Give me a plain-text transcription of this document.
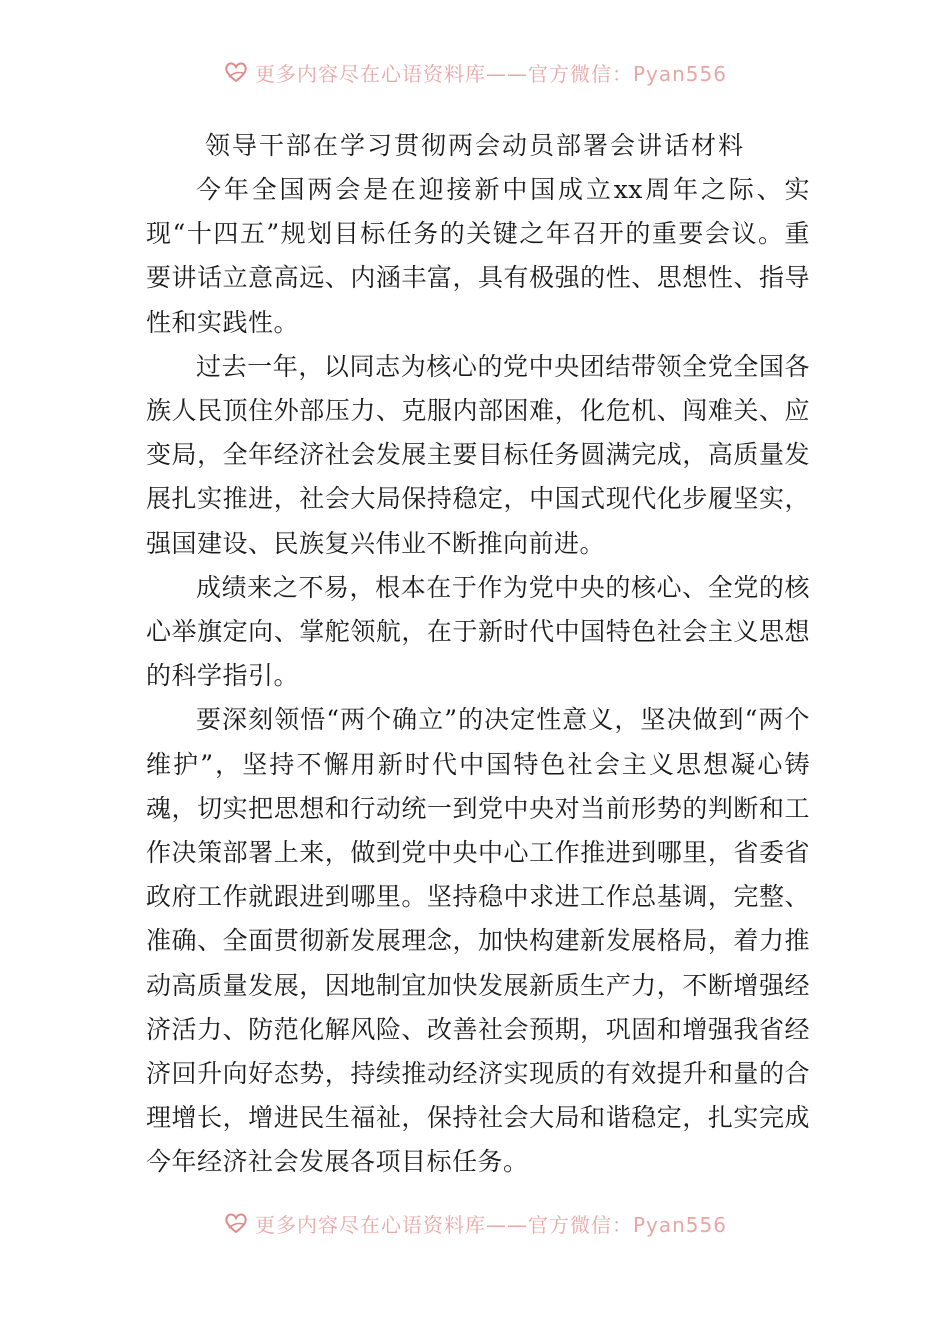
更多内容尽在心语资料库——官方微信：Pyan556
领导干部在学习贯彻两会动员部署会讲话材料

今年全国两会是在迎接新中国成立xx周年之际、实现“十四五”规划目标任务的关键之年召开的重要会议。重要讲话立意高远、内涵丰富，具有极强的性、思想性、指导性和实践性。

过去一年，以同志为核心的党中央团结带领全党全国各族人民顶住外部压力、克服内部困难，化危机、闯难关、应变局，全年经济社会发展主要目标任务圆满完成，高质量发展扎实推进，社会大局保持稳定，中国式现代化步履坚实，强国建设、民族复兴伟业不断推向前进。

成绩来之不易，根本在于作为党中央的核心、全党的核心举旗定向、掌舵领航，在于新时代中国特色社会主义思想的科学指引。

要深刻领悟“两个确立”的决定性意义，坚决做到“两个维护”，坚持不懈用新时代中国特色社会主义思想凝心铸魂，切实把思想和行动统一到党中央对当前形势的判断和工作决策部署上来，做到党中央中心工作推进到哪里，省委省政府工作就跟进到哪里。坚持稳中求进工作总基调，完整、准确、全面贯彻新发展理念，加快构建新发展格局，着力推动高质量发展，因地制宜加快发展新质生产力，不断增强经济活力、防范化解风险、改善社会预期，巩固和增强我省经济回升向好态势，持续推动经济实现质的有效提升和量的合理增长，增进民生福祉，保持社会大局和谐稳定，扎实完成今年经济社会发展各项目标任务。

更多内容尽在心语资料库——官方微信：Pyan556
